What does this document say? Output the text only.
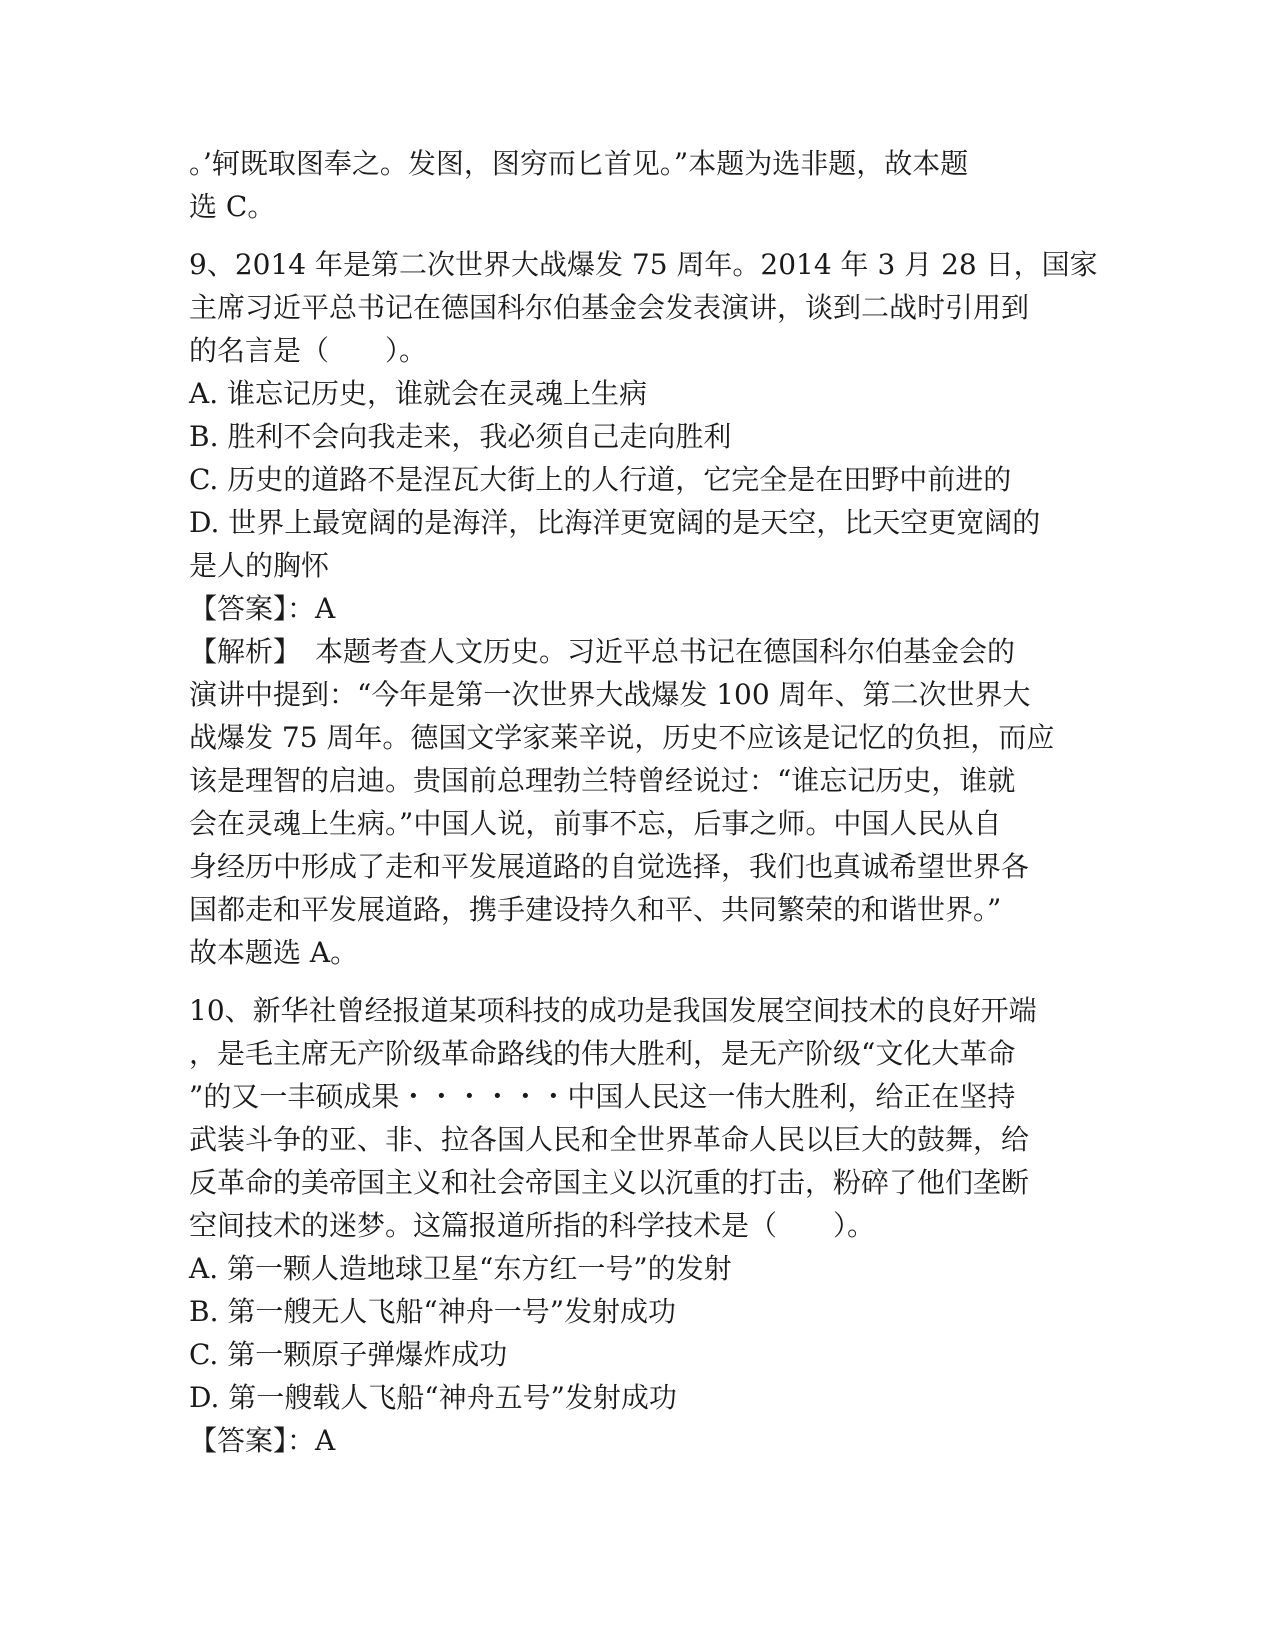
。’轲既取图奉之。发图，图穷而匕首见。”本题为选非题，故本题
选 C。
9、2014 年是第二次世界大战爆发 75 周年。2014 年 3 月 28 日，国家
主席习近平总书记在德国科尔伯基金会发表演讲，谈到二战时引用到
的名言是（　　）。
A. 谁忘记历史，谁就会在灵魂上生病
B. 胜利不会向我走来，我必须自己走向胜利
C. 历史的道路不是涅瓦大街上的人行道，它完全是在田野中前进的
D. 世界上最宽阔的是海洋，比海洋更宽阔的是天空，比天空更宽阔的
是人的胸怀
【答案】：A
【解析】　本题考查人文历史。习近平总书记在德国科尔伯基金会的
演讲中提到：“今年是第一次世界大战爆发 100 周年、第二次世界大
战爆发 75 周年。德国文学家莱辛说，历史不应该是记忆的负担，而应
该是理智的启迪。贵国前总理勃兰特曾经说过：“谁忘记历史，谁就
会在灵魂上生病。”中国人说，前事不忘，后事之师。中国人民从自
身经历中形成了走和平发展道路的自觉选择，我们也真诚希望世界各
国都走和平发展道路，携手建设持久和平、共同繁荣的和谐世界。”
故本题选 A。
10、新华社曾经报道某项科技的成功是我国发展空间技术的良好开端
，是毛主席无产阶级革命路线的伟大胜利，是无产阶级“文化大革命
”的又一丰硕成果・・・・・・中国人民这一伟大胜利，给正在坚持
武装斗争的亚、非、拉各国人民和全世界革命人民以巨大的鼓舞，给
反革命的美帝国主义和社会帝国主义以沉重的打击，粉碎了他们垄断
空间技术的迷梦。这篇报道所指的科学技术是（　　）。
A. 第一颗人造地球卫星“东方红一号”的发射
B. 第一艘无人飞船“神舟一号”发射成功
C. 第一颗原子弹爆炸成功
D. 第一艘载人飞船“神舟五号”发射成功
【答案】：A
